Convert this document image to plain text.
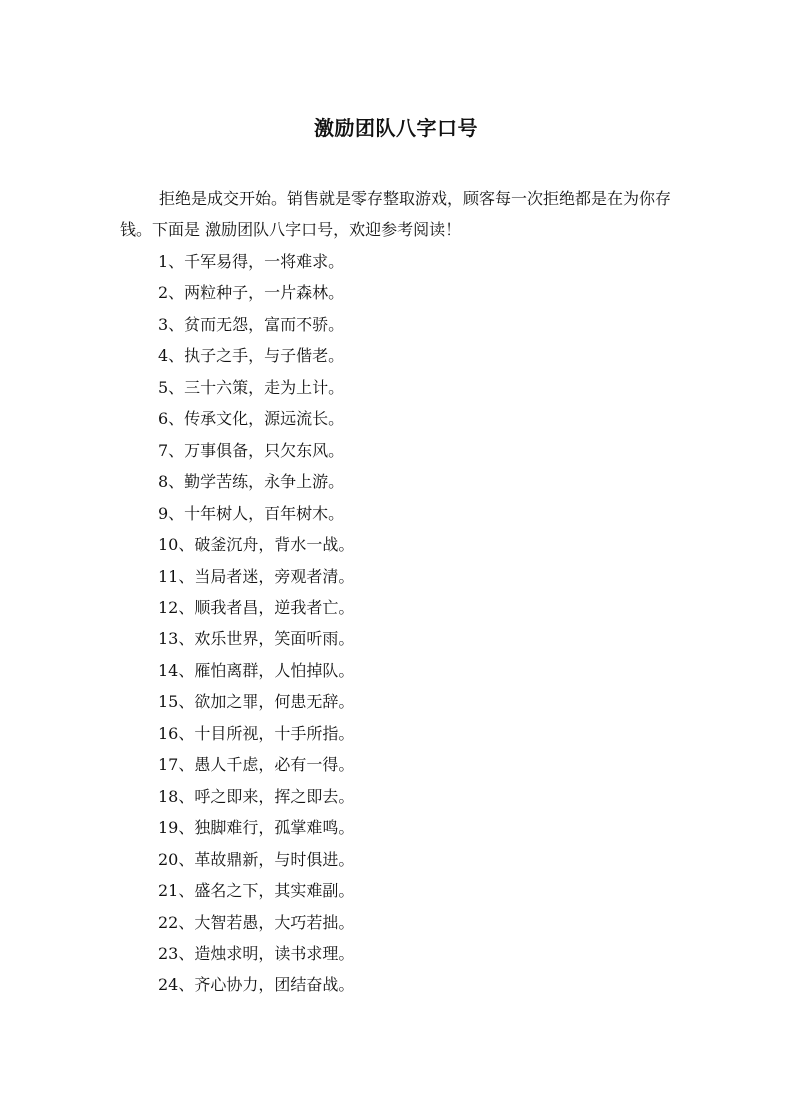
激励团队八字口号

拒绝是成交开始。销售就是零存整取游戏，顾客每一次拒绝都是在为你存钱。下面是 激励团队八字口号，欢迎参考阅读！

1、千军易得，一将难求。
2、两粒种子，一片森林。
3、贫而无怨，富而不骄。
4、执子之手，与子偕老。
5、三十六策，走为上计。
6、传承文化，源远流长。
7、万事俱备，只欠东风。
8、勤学苦练，永争上游。
9、十年树人，百年树木。
10、破釜沉舟，背水一战。
11、当局者迷，旁观者清。
12、顺我者昌，逆我者亡。
13、欢乐世界，笑面听雨。
14、雁怕离群，人怕掉队。
15、欲加之罪，何患无辞。
16、十目所视，十手所指。
17、愚人千虑，必有一得。
18、呼之即来，挥之即去。
19、独脚难行，孤掌难鸣。
20、革故鼎新，与时俱进。
21、盛名之下，其实难副。
22、大智若愚，大巧若拙。
23、造烛求明，读书求理。
24、齐心协力，团结奋战。
